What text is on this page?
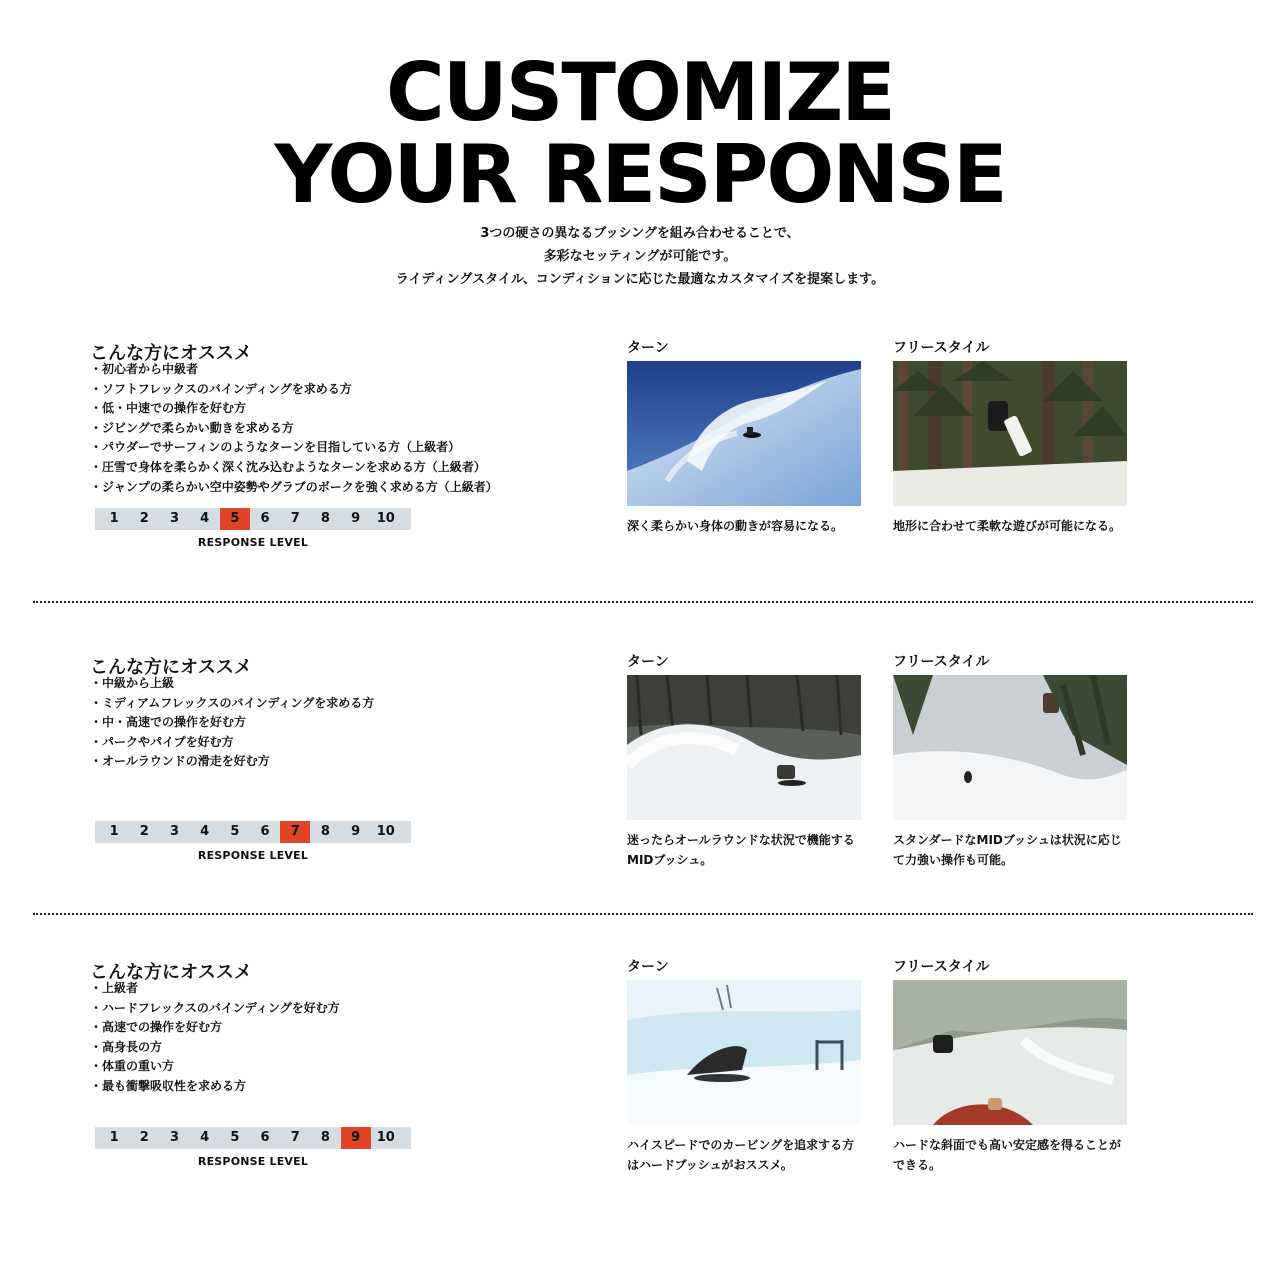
CUSTOMIZE
YOUR RESPONSE
3つの硬さの異なるブッシングを組み合わせることで、
多彩なセッティングが可能です。
ライディングスタイル、コンディションに応じた最適なカスタマイズを提案します。
こんな方にオススメ
・ 初心者から中級者
・ ソフトフレックスのバインディングを求める方
・ 低・中速での操作を好む方
・ ジビングで柔らかい動きを求める方
・ パウダーでサーフィンのようなターンを目指している方（上級者）
・ 圧雪で身体を柔らかく深く沈み込むようなターンを求める方（上級者）
・ ジャンプの柔らかい空中姿勢やグラブのボークを強く求める方（上級者）
1	2	3	4	5	6	7	8	9	10
RESPONSE LEVEL
ターン
深く柔らかい身体の動きが容易になる。
フリースタイル
地形に合わせて柔軟な遊びが可能になる。
こんな方にオススメ
・ 中級から上級
・ ミディアムフレックスのバインディングを求める方
・ 中・高速での操作を好む方
・ パークやパイプを好む方
・ オールラウンドの滑走を好む方
1	2	3	4	5	6	7	8	9	10
RESPONSE LEVEL
ターン
迷ったらオールラウンドな状況で機能するMIDブッシュ。
フリースタイル
スタンダードなMIDブッシュは状況に応じて力強い操作も可能。
こんな方にオススメ
・ 上級者
・ ハードフレックスのバインディングを好む方
・ 高速での操作を好む方
・ 高身長の方
・ 体重の重い方
・ 最も衝撃吸収性を求める方
1	2	3	4	5	6	7	8	9	10
RESPONSE LEVEL
ターン
ハイスピードでのカービングを追求する方はハードブッシュがおススメ。
フリースタイル
ハードな斜面でも高い安定感を得ることができる。
